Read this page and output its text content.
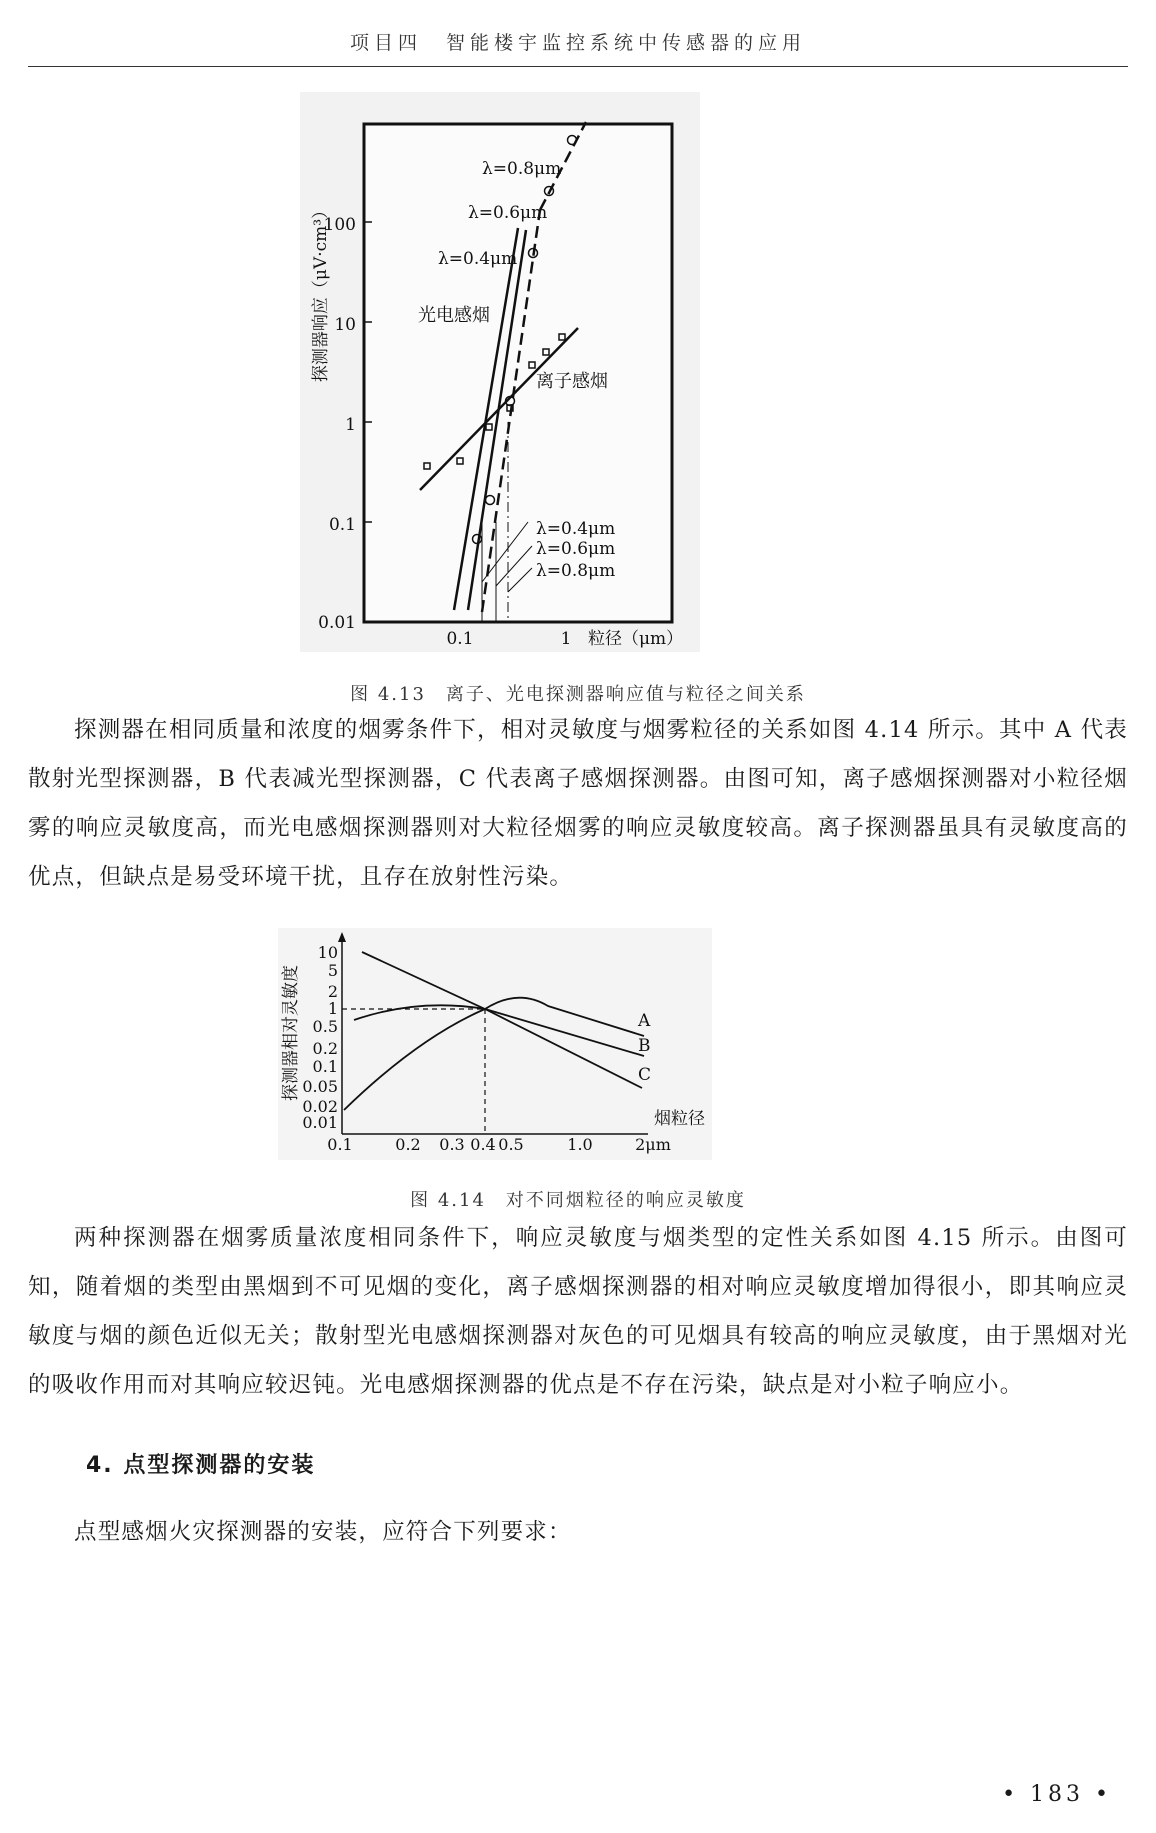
项目四　智能楼宇监控系统中传感器的应用
100
10
1
0.1
0.01
0.1	1 粒径（μm）
探测器响应（μV·cm³）
λ=0.8μm
λ=0.6μm
λ=0.4μm
光电感烟
离子感烟
λ=0.4μm
λ=0.6μm
λ=0.8μm
图 4.13　离子、光电探测器响应值与粒径之间关系
探测器在相同质量和浓度的烟雾条件下，相对灵敏度与烟雾粒径的关系如图 4.14 所示。其中 A 代表散射光型探测器，B 代表减光型探测器，C 代表离子感烟探测器。由图可知，离子感烟探测器对小粒径烟雾的响应灵敏度高，而光电感烟探测器则对大粒径烟雾的响应灵敏度较高。离子探测器虽具有灵敏度高的优点，但缺点是易受环境干扰，且存在放射性污染。
10
5
2
1
0.5
0.2
0.1
0.05
0.02
0.01
0.1	0.2 0.3 0.4 0.5	1.0	2μm
探测器相对灵敏度
烟粒径
A
B
C
图 4.14　对不同烟粒径的响应灵敏度
两种探测器在烟雾质量浓度相同条件下，响应灵敏度与烟类型的定性关系如图 4.15 所示。由图可知，随着烟的类型由黑烟到不可见烟的变化，离子感烟探测器的相对响应灵敏度增加得很小，即其响应灵敏度与烟的颜色近似无关；散射型光电感烟探测器对灰色的可见烟具有较高的响应灵敏度，由于黑烟对光的吸收作用而对其响应较迟钝。光电感烟探测器的优点是不存在污染，缺点是对小粒子响应小。
4. 点型探测器的安装
点型感烟火灾探测器的安装，应符合下列要求：
• 183 •
